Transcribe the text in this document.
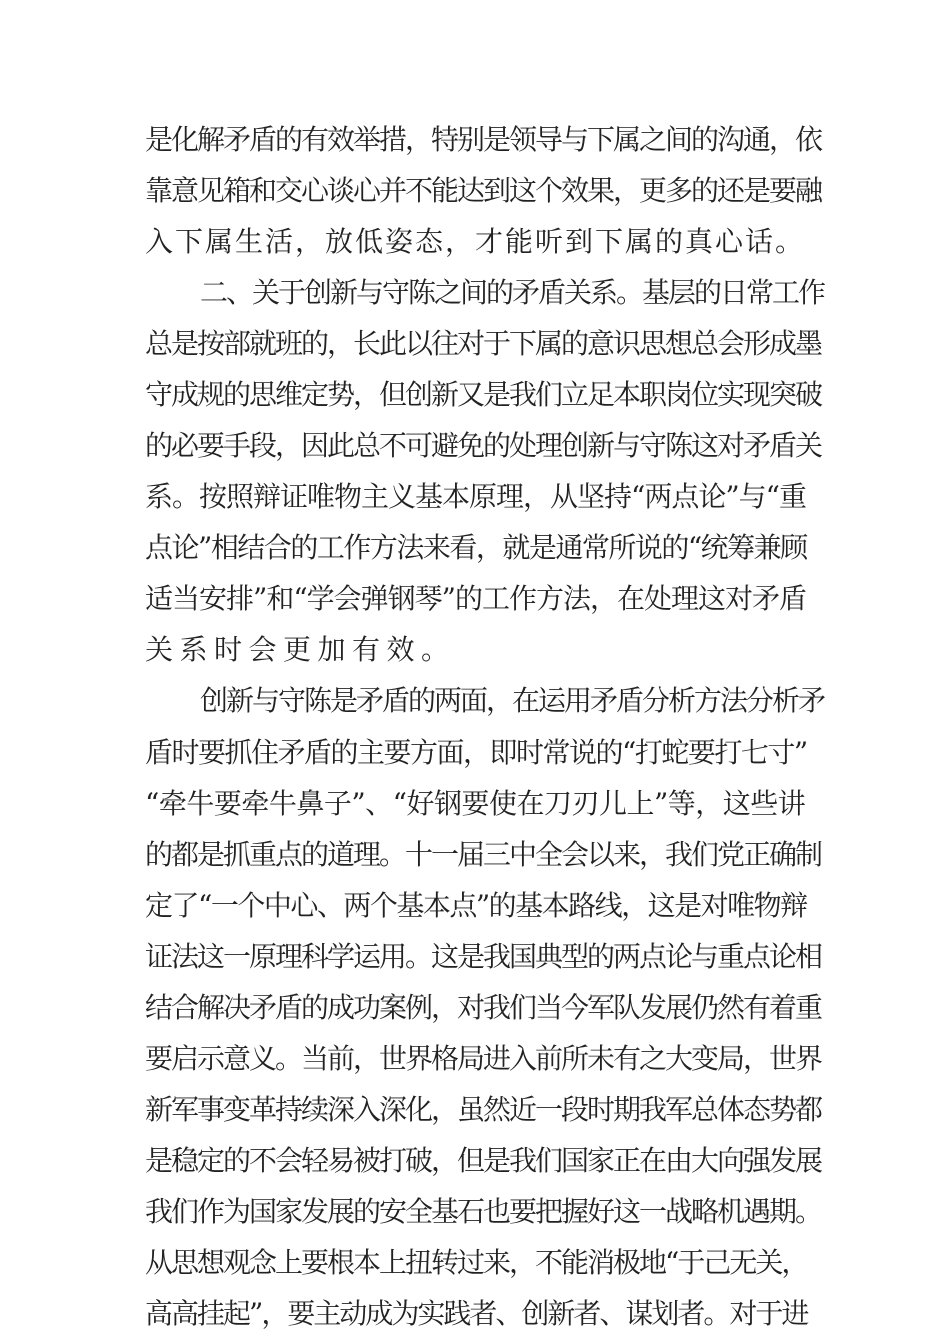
是化解矛盾的有效举措，特别是领导与下属之间的沟通，依
靠意见箱和交心谈心并不能达到这个效果，更多的还是要融
入下属生活，放低姿态，才能听到下属的真心话。
二、关于创新与守陈之间的矛盾关系。基层的日常工作
总是按部就班的，长此以往对于下属的意识思想总会形成墨
守成规的思维定势，但创新又是我们立足本职岗位实现突破
的必要手段，因此总不可避免的处理创新与守陈这对矛盾关
系。按照辩证唯物主义基本原理，从坚持“两点论”与“重
点论”相结合的工作方法来看，就是通常所说的“统筹兼顾
适当安排”和“学会弹钢琴”的工作方法，在处理这对矛盾
关系时会更加有效。
创新与守陈是矛盾的两面，在运用矛盾分析方法分析矛
盾时要抓住矛盾的主要方面，即时常说的“打蛇要打七寸”
“牵牛要牵牛鼻子”、“好钢要使在刀刃儿上”等，这些讲
的都是抓重点的道理。十一届三中全会以来，我们党正确制
定了“一个中心、两个基本点”的基本路线，这是对唯物辩
证法这一原理科学运用。这是我国典型的两点论与重点论相
结合解决矛盾的成功案例，对我们当今军队发展仍然有着重
要启示意义。当前，世界格局进入前所未有之大变局，世界
新军事变革持续深入深化，虽然近一段时期我军总体态势都
是稳定的不会轻易被打破，但是我们国家正在由大向强发展
我们作为国家发展的安全基石也要把握好这一战略机遇期。
从思想观念上要根本上扭转过来，不能消极地“于己无关，
高高挂起”，要主动成为实践者、创新者、谋划者。对于进
